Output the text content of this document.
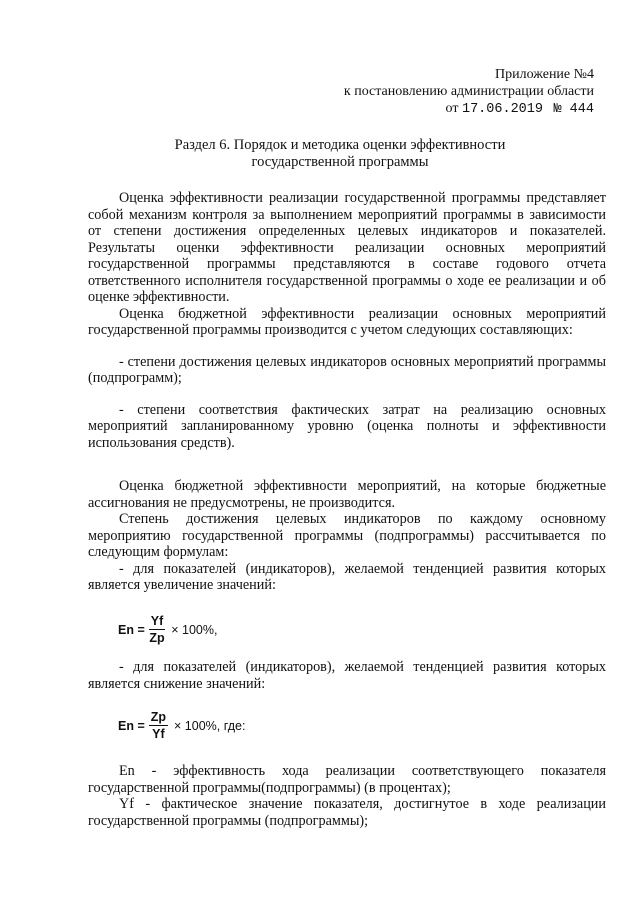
Приложение №4
к постановлению администрации области
от 17.06.2019 № 444
Раздел 6. Порядок и методика оценки эффективности
государственной программы

Оценка эффективности реализации государственной программы представляет собой механизм контроля за выполнением мероприятий программы в зависимости от степени достижения определенных целевых индикаторов и показателей. Результаты оценки эффективности реализации основных мероприятий государственной программы представляются в составе годового отчета ответственного исполнителя государственной программы о ходе ее реализации и об оценке эффективности.

Оценка бюджетной эффективности реализации основных мероприятий государственной программы производится с учетом следующих составляющих:

- степени достижения целевых индикаторов основных мероприятий программы (подпрограмм);

- степени соответствия фактических затрат на реализацию основных мероприятий запланированному уровню (оценка полноты и эффективности использования средств).

Оценка бюджетной эффективности мероприятий, на которые бюджетные ассигнования не предусмотрены, не производится.

Степень достижения целевых индикаторов по каждому основному мероприятию государственной программы (подпрограммы) рассчитывается по следующим формулам:

- для показателей (индикаторов), желаемой тенденцией развития которых является увеличение значений:

$En = \frac{Yf}{Zp} \times 100\%$,

- для показателей (индикаторов), желаемой тенденцией развития которых является снижение значений:

$En = \frac{Zp}{Yf} \times 100\%$, где:

En - эффективность хода реализации соответствующего показателя государственной программы(подпрограммы) (в процентах);

Yf - фактическое значение показателя, достигнутое в ходе реализации государственной программы (подпрограммы);
